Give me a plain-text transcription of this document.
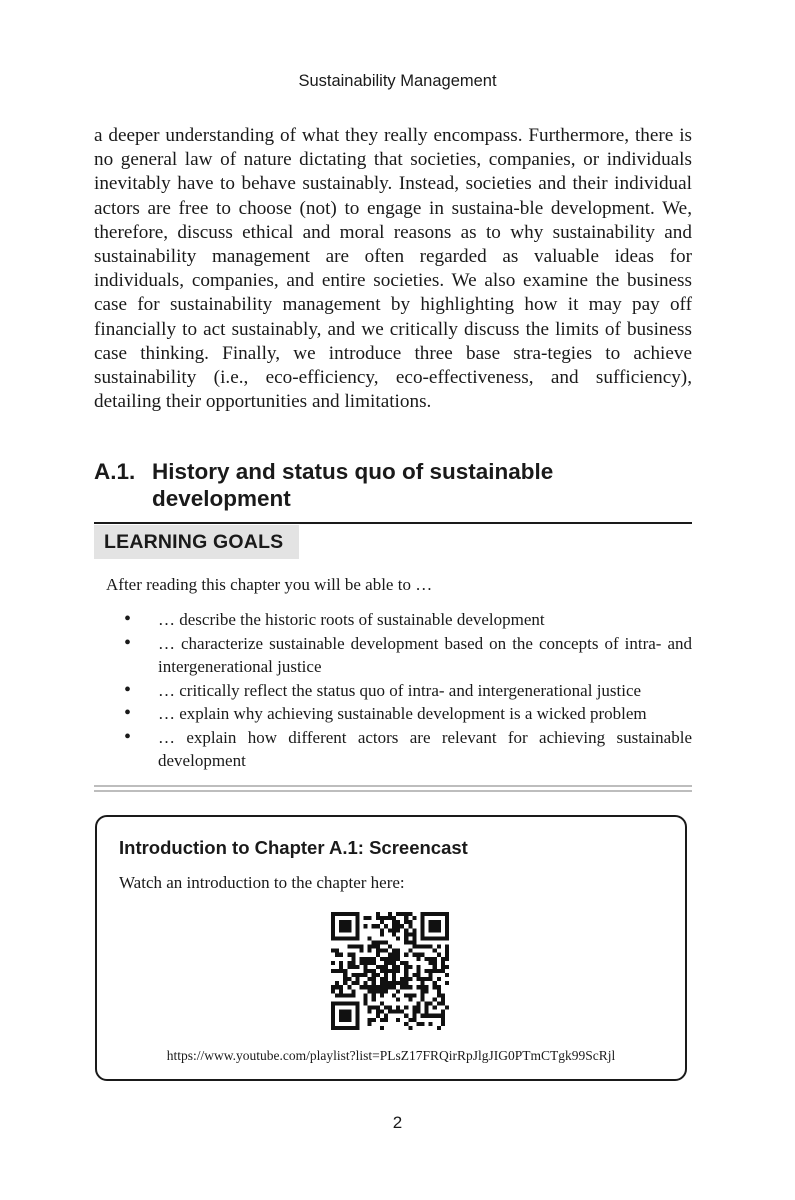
Sustainability Management

a deeper understanding of what they really encompass. Furthermore, there is no general law of nature dictating that societies, companies, or individuals inevitably have to behave sustainably. Instead, societies and their individual actors are free to choose (not) to engage in sustaina-ble development. We, therefore, discuss ethical and moral reasons as to why sustainability and sustainability management are often regarded as valuable ideas for individuals, companies, and entire societies. We also examine the business case for sustainability management by highlighting how it may pay off financially to act sustainably, and we critically discuss the limits of business case thinking. Finally, we introduce three base stra-tegies to achieve sustainability (i.e., eco-efficiency, eco-effectiveness, and sufficiency), detailing their opportunities and limitations.

A.1. History and status quo of sustainable development
LEARNING GOALS
After reading this chapter you will be able to …
• … describe the historic roots of sustainable development
• … characterize sustainable development based on the concepts of intra- and intergenerational justice
• … critically reflect the status quo of intra- and intergenerational justice
• … explain why achieving sustainable development is a wicked problem
• … explain how different actors are relevant for achieving sustainable development
Introduction to Chapter A.1: Screencast
Watch an introduction to the chapter here:
https://www.youtube.com/playlist?list=PLsZ17FRQirRpJlgJIG0PTmCTgk99ScRjl
2
